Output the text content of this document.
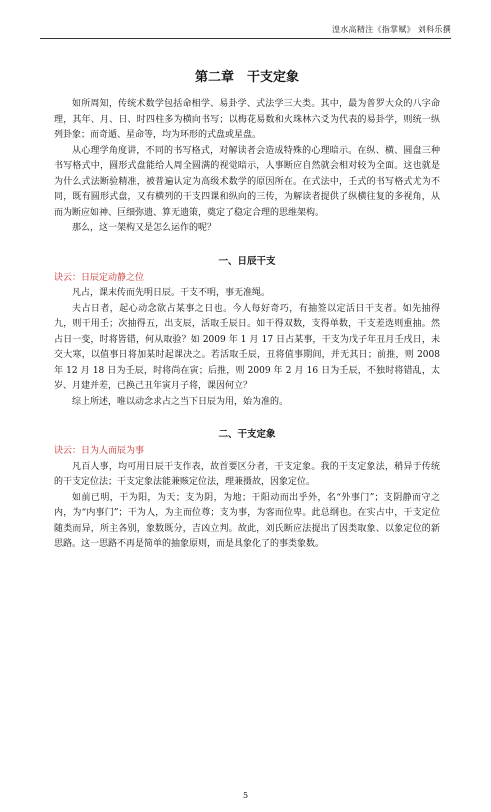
湟水高精注《指掌赋》 刘科乐撰
第二章　干支定象

如所周知，传统术数学包括命相学、易卦学、式法学三大类。其中，最为普罗大众的八字命理，其年、月、日、时四柱多为横向书写；以梅花易数和火珠林六爻为代表的易卦学，则统一纵列卦象；而奇遁、星命等，均为环形的式盘或星盘。

从心理学角度讲，不同的书写格式，对解读者会造成特殊的心理暗示。在纵、横、圆盘三种书写格式中，圆形式盘能给人周全圆满的视觉暗示，人事断应自然就会相对较为全面。这也就是为什么式法断验精准，被普遍认定为高级术数学的原因所在。在式法中，壬式的书写格式尤为不同，既有圆形式盘，又有横列的干支四课和纵向的三传，为解读者提供了纵横往复的多视角，从而为断应如神、巨细弥遗、算无遗策，奠定了稳定合理的思维架构。

那么，这一架构又是怎么运作的呢？

一、日辰干支
诀云：日辰定动静之位

凡占，课末传而先明日辰。干支不明，事无准绳。

夫占日者，起心动念欲占某事之日也。今人每好奇巧，有抽签以定活日干支者。如先抽得九，则干用壬；次抽得五，出支辰，活取壬辰日。如干得双数，支得单数，干支差选则重抽。然占日一变，时将皆错，何从取验？如 2009 年 1 月 17 日占某事，干支为戊子年丑月壬戌日，未交大寒，以值事日将加某时起课决之。若活取壬辰，丑将值事期间，并无其日；前推，则 2008 年 12 月 18 日为壬辰，时将尚在寅；后推，则 2009 年 2 月 16 日为壬辰，不独时将错乱，太岁、月建并差，已换己丑年寅月子将，课因何立？

综上所述，唯以动念求占之当下日辰为用，始为准的。

二、干支定象
诀云：日为人而辰为事

凡百人事，均可用日辰干支作表，故首要区分者，干支定象。我的干支定象法，稍异于传统的干支定位法；干支定象法能兼赅定位法，理兼摄故，因象定位。

如前已明，干为阳，为天；支为阴，为地；干阳动而出乎外，名“外事门”；支阴静而守之内，为“内事门”；干为人，为主而位尊；支为事，为客而位卑。此总纲也。在实占中，干支定位随类而异，所主各别，象数既分，吉凶立判。故此，刘氏断应法提出了因类取象、以象定位的新思路。这一思路不再是简单的抽象原则，而是具象化了的事类象数。

5
